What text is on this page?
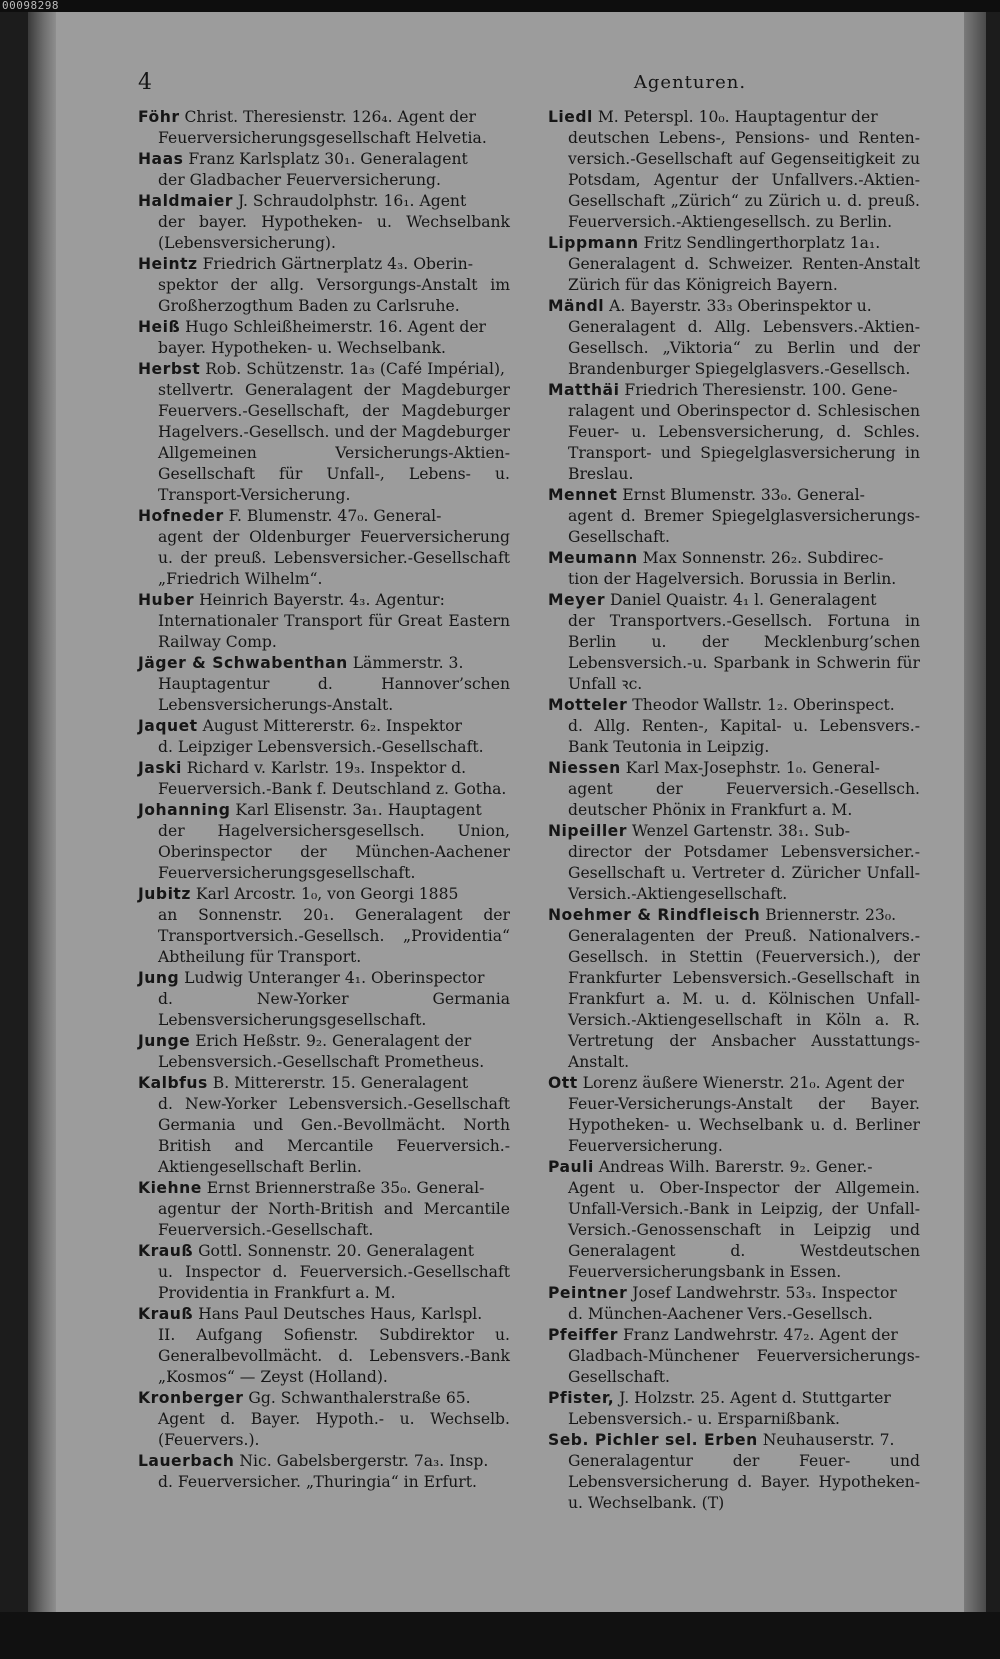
00098298
4	Agenturen.

Föhr Christ. Theresienstr. 126₄. Agent der
Feuerversicherungsgesellschaft Helvetia.

Haas Franz Karlsplatz 30₁. Generalagent
der Gladbacher Feuerversicherung.

Haldmaier J. Schraudolphstr. 16₁. Agent
der bayer. Hypotheken- u. Wechselbank (Lebensversicherung).

Heintz Friedrich Gärtnerplatz 4₃. Oberin-
spektor der allg. Versorgungs-Anstalt im Großherzogthum Baden zu Carlsruhe.

Heiß Hugo Schleißheimerstr. 16. Agent der
bayer. Hypotheken- u. Wechselbank.

Herbst Rob. Schützenstr. 1a₃ (Café Impérial),
stellvertr. Generalagent der Magdeburger Feuervers.-Gesellschaft, der Magdeburger Hagelvers.-Gesellsch. und der Magdeburger Allgemeinen Versicherungs-Aktien-Gesellschaft für Unfall-, Lebens- u. Transport-Versicherung.

Hofneder F. Blumenstr. 47₀. General-
agent der Oldenburger Feuerversicherung u. der preuß. Lebensversicher.-Gesellschaft „Friedrich Wilhelm“.

Huber Heinrich Bayerstr. 4₃. Agentur:
Internationaler Transport für Great Eastern Railway Comp.

Jäger & Schwabenthan Lämmerstr. 3.
Hauptagentur d. Hannover’schen Lebensversicherungs-Anstalt.

Jaquet August Mittererstr. 6₂. Inspektor
d. Leipziger Lebensversich.-Gesellschaft.

Jaski Richard v. Karlstr. 19₃. Inspektor d.
Feuerversich.-Bank f. Deutschland z. Gotha.

Johanning Karl Elisenstr. 3a₁. Hauptagent
der Hagelversichersgesellsch. Union, Oberinspector der München-Aachener Feuerversicherungsgesellschaft.

Jubitz Karl Arcostr. 1₀, von Georgi 1885
an Sonnenstr. 20₁. Generalagent der Transportversich.-Gesellsch. „Providentia“ Abtheilung für Transport.

Jung Ludwig Unteranger 4₁. Oberinspector
d. New-Yorker Germania Lebensversicherungsgesellschaft.

Junge Erich Heßstr. 9₂. Generalagent der
Lebensversich.-Gesellschaft Prometheus.

Kalbfus B. Mittererstr. 15. Generalagent
d. New-Yorker Lebensversich.-Gesellschaft Germania und Gen.-Bevollmächt. North British and Mercantile Feuerversich.-Aktiengesellschaft Berlin.

Kiehne Ernst Briennerstraße 35₀. General-
agentur der North-British and Mercantile Feuerversich.-Gesellschaft.

Krauß Gottl. Sonnenstr. 20. Generalagent
u. Inspector d. Feuerversich.-Gesellschaft Providentia in Frankfurt a. M.

Krauß Hans Paul Deutsches Haus, Karlspl.
II. Aufgang Sofienstr. Subdirektor u. Generalbevollmächt. d. Lebensvers.-Bank „Kosmos“ — Zeyst (Holland).

Kronberger Gg. Schwanthalerstraße 65.
Agent d. Bayer. Hypoth.- u. Wechselb. (Feuervers.).

Lauerbach Nic. Gabelsbergerstr. 7a₃. Insp.
d. Feuerversicher. „Thuringia“ in Erfurt.

Liedl M. Peterspl. 10₀. Hauptagentur der
deutschen Lebens-, Pensions- und Renten-versich.-Gesellschaft auf Gegenseitigkeit zu Potsdam, Agentur der Unfallvers.-Aktien-Gesellschaft „Zürich“ zu Zürich u. d. preuß. Feuerversich.-Aktiengesellsch. zu Berlin.

Lippmann Fritz Sendlingerthorplatz 1a₁.
Generalagent d. Schweizer. Renten-Anstalt Zürich für das Königreich Bayern.

Mändl A. Bayerstr. 33₃ Oberinspektor u.
Generalagent d. Allg. Lebensvers.-Aktien-Gesellsch. „Viktoria“ zu Berlin und der Brandenburger Spiegelglasvers.-Gesellsch.

Matthäi Friedrich Theresienstr. 100. Gene-
ralagent und Oberinspector d. Schlesischen Feuer- u. Lebensversicherung, d. Schles. Transport- und Spiegelglasversicherung in Breslau.

Mennet Ernst Blumenstr. 33₀. General-
agent d. Bremer Spiegelglasversicherungs-Gesellschaft.

Meumann Max Sonnenstr. 26₂. Subdirec-
tion der Hagelversich. Borussia in Berlin.

Meyer Daniel Quaistr. 4₁ l. Generalagent
der Transportvers.-Gesellsch. Fortuna in Berlin u. der Mecklenburg’schen Lebensversich.-u. Sparbank in Schwerin für Unfall ꝛc.

Motteler Theodor Wallstr. 1₂. Oberinspect.
d. Allg. Renten-, Kapital- u. Lebensvers.-Bank Teutonia in Leipzig.

Niessen Karl Max-Josephstr. 1₀. General-
agent der Feuerversich.-Gesellsch. deutscher Phönix in Frankfurt a. M.

Nipeiller Wenzel Gartenstr. 38₁. Sub-
director der Potsdamer Lebensversicher.-Gesellschaft u. Vertreter d. Züricher Unfall-Versich.-Aktiengesellschaft.

Noehmer & Rindfleisch Briennerstr. 23₀.
Generalagenten der Preuß. Nationalvers.-Gesellsch. in Stettin (Feuerversich.), der Frankfurter Lebensversich.-Gesellschaft in Frankfurt a. M. u. d. Kölnischen Unfall-Versich.-Aktiengesellschaft in Köln a. R. Vertretung der Ansbacher Ausstattungs-Anstalt.

Ott Lorenz äußere Wienerstr. 21₀. Agent der
Feuer-Versicherungs-Anstalt der Bayer. Hypotheken- u. Wechselbank u. d. Berliner Feuerversicherung.

Pauli Andreas Wilh. Barerstr. 9₂. Gener.-
Agent u. Ober-Inspector der Allgemein. Unfall-Versich.-Bank in Leipzig, der Unfall-Versich.-Genossenschaft in Leipzig und Generalagent d. Westdeutschen Feuerversicherungsbank in Essen.

Peintner Josef Landwehrstr. 53₃. Inspector
d. München-Aachener Vers.-Gesellsch.

Pfeiffer Franz Landwehrstr. 47₂. Agent der
Gladbach-Münchener Feuerversicherungs-Gesellschaft.

Pfister, J. Holzstr. 25. Agent d. Stuttgarter
Lebensversich.- u. Ersparnißbank.

Seb. Pichler sel. Erben Neuhauserstr. 7.
Generalagentur der Feuer- und Lebensversicherung d. Bayer. Hypotheken- u. Wechselbank. (T)
